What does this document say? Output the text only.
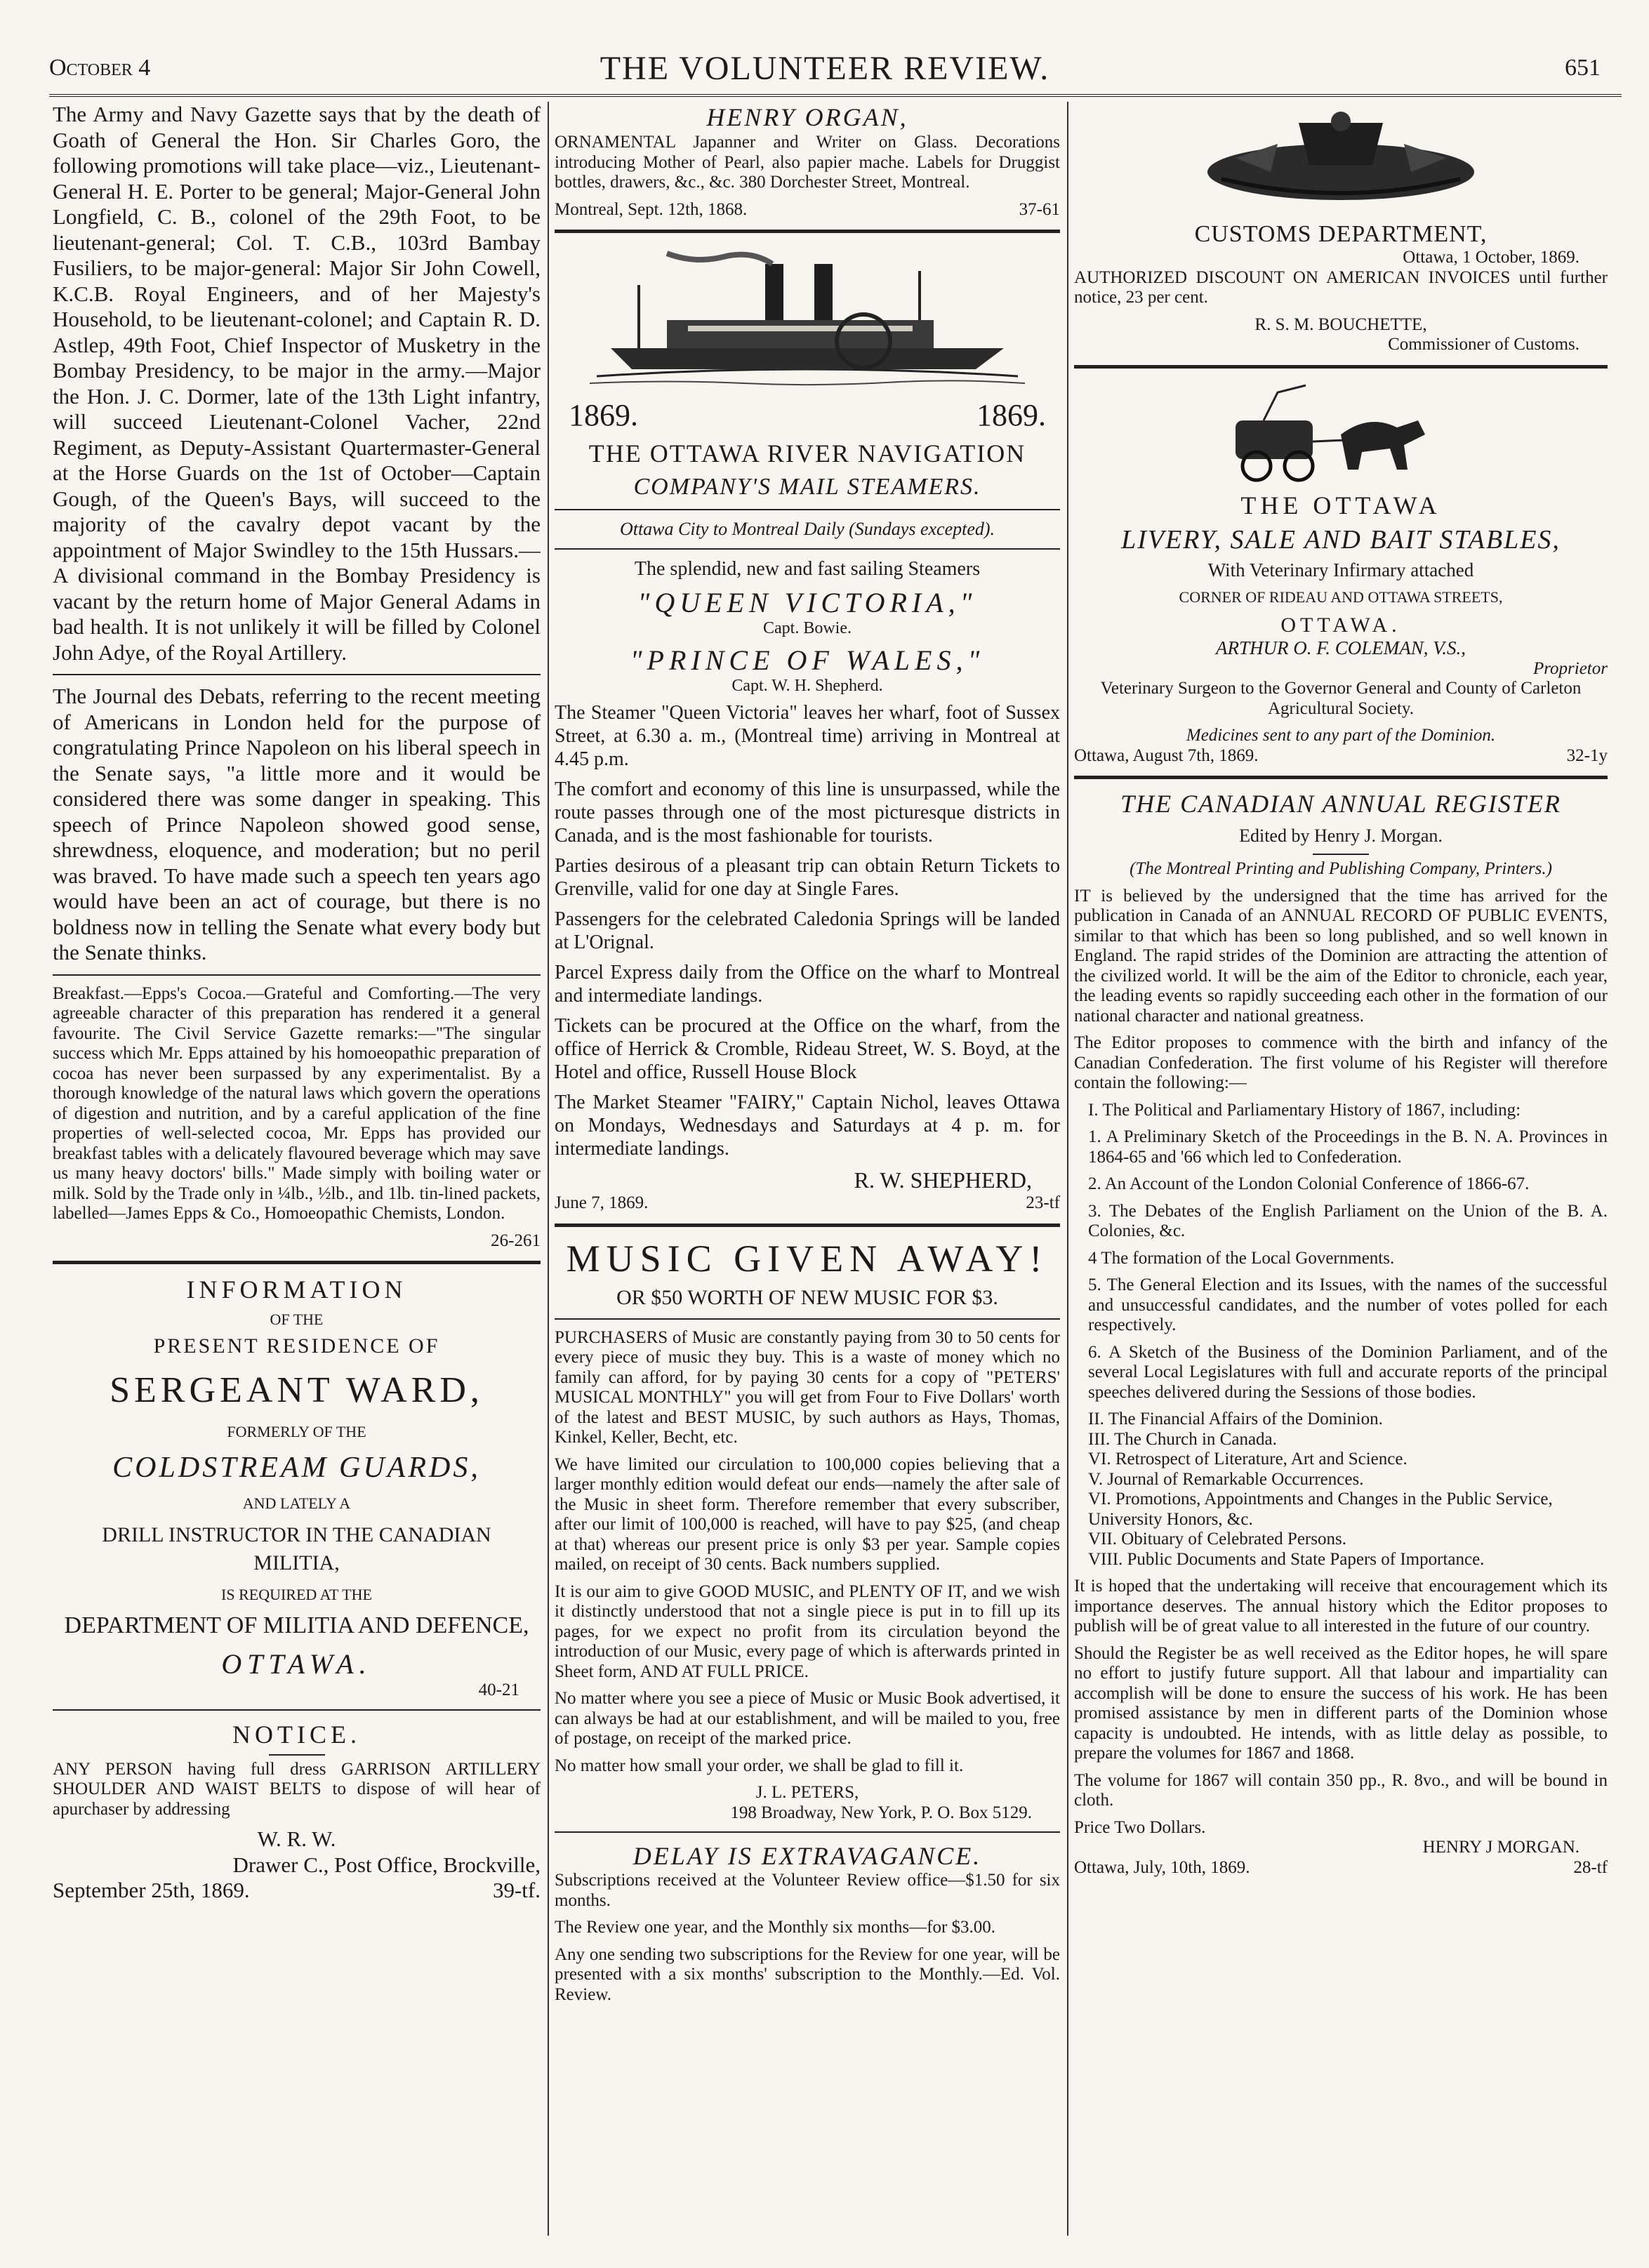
October 4	THE VOLUNTEER REVIEW.	651

The Army and Navy Gazette says that by the death of Goath of General the Hon. Sir Charles Goro, the following promotions will take place—viz., Lieutenant-General H. E. Porter to be general; Major-General John Longfield, C. B., colonel of the 29th Foot, to be lieutenant-general; Col. T. C.B., 103rd Bambay Fusiliers, to be major-general: Major Sir John Cowell, K.C.B. Royal Engineers, and of her Majesty's Household, to be lieutenant-colonel; and Captain R. D. Astlep, 49th Foot, Chief Inspector of Musketry in the Bombay Presidency, to be major in the army.—Major the Hon. J. C. Dormer, late of the 13th Light infantry, will succeed Lieutenant-Colonel Vacher, 22nd Regiment, as Deputy-Assistant Quartermaster-General at the Horse Guards on the 1st of October—Captain Gough, of the Queen's Bays, will succeed to the majority of the cavalry depot vacant by the appointment of Major Swindley to the 15th Hussars.—A divisional command in the Bombay Presidency is vacant by the return home of Major General Adams in bad health. It is not unlikely it will be filled by Colonel John Adye, of the Royal Artillery.

The Journal des Debats, referring to the recent meeting of Americans in London held for the purpose of congratulating Prince Napoleon on his liberal speech in the Senate says, "a little more and it would be considered there was some danger in speaking. This speech of Prince Napoleon showed good sense, shrewdness, eloquence, and moderation; but no peril was braved. To have made such a speech ten years ago would have been an act of courage, but there is no boldness now in telling the Senate what every body but the Senate thinks.

Breakfast.—Epps's Cocoa.—Grateful and Comforting.—The very agreeable character of this preparation has rendered it a general favourite. The Civil Service Gazette remarks:—"The singular success which Mr. Epps attained by his homoeopathic preparation of cocoa has never been surpassed by any experimentalist. By a thorough knowledge of the natural laws which govern the operations of digestion and nutrition, and by a careful application of the fine properties of well-selected cocoa, Mr. Epps has provided our breakfast tables with a delicately flavoured beverage which may save us many heavy doctors' bills." Made simply with boiling water or milk. Sold by the Trade only in ¼lb., ½lb., and 1lb. tin-lined packets, labelled—James Epps & Co., Homoeopathic Chemists, London.

26-261
INFORMATION
OF THE
PRESENT RESIDENCE OF
SERGEANT WARD,
FORMERLY OF THE
COLDSTREAM GUARDS,
AND LATELY A
DRILL INSTRUCTOR IN THE CANADIAN MILITIA,
IS REQUIRED AT THE
DEPARTMENT OF MILITIA AND DEFENCE,
OTTAWA.
40-21
NOTICE.

ANY PERSON having full dress GARRISON ARTILLERY SHOULDER AND WAIST BELTS to dispose of will hear of apurchaser by addressing

W. R. W.
Drawer C., Post Office, Brockville,
September 25th, 1869.	39-tf.
HENRY ORGAN,

ORNAMENTAL Japanner and Writer on Glass. Decorations introducing Mother of Pearl, also papier mache. Labels for Druggist bottles, drawers, &c., &c. 380 Dorchester Street, Montreal.

Montreal, Sept. 12th, 1868.	37-61
1869.	1869.
THE OTTAWA RIVER NAVIGATION
COMPANY'S MAIL STEAMERS.
Ottawa City to Montreal Daily (Sundays excepted).
The splendid, new and fast sailing Steamers
"QUEEN VICTORIA,"
Capt. Bowie.
"PRINCE OF WALES,"
Capt. W. H. Shepherd.

The Steamer "Queen Victoria" leaves her wharf, foot of Sussex Street, at 6.30 a. m., (Montreal time) arriving in Montreal at 4.45 p.m.

The comfort and economy of this line is unsurpassed, while the route passes through one of the most picturesque districts in Canada, and is the most fashionable for tourists.

Parties desirous of a pleasant trip can obtain Return Tickets to Grenville, valid for one day at Single Fares.

Passengers for the celebrated Caledonia Springs will be landed at L'Orignal.

Parcel Express daily from the Office on the wharf to Montreal and intermediate landings.

Tickets can be procured at the Office on the wharf, from the office of Herrick & Cromble, Rideau Street, W. S. Boyd, at the Hotel and office, Russell House Block

The Market Steamer "FAIRY," Captain Nichol, leaves Ottawa on Mondays, Wednesdays and Saturdays at 4 p. m. for intermediate landings.

R. W. SHEPHERD,
June 7, 1869.	23-tf
MUSIC GIVEN AWAY!
OR $50 WORTH OF NEW MUSIC FOR $3.

PURCHASERS of Music are constantly paying from 30 to 50 cents for every piece of music they buy. This is a waste of money which no family can afford, for by paying 30 cents for a copy of "PETERS' MUSICAL MONTHLY" you will get from Four to Five Dollars' worth of the latest and BEST MUSIC, by such authors as Hays, Thomas, Kinkel, Keller, Becht, etc.

We have limited our circulation to 100,000 copies believing that a larger monthly edition would defeat our ends—namely the after sale of the Music in sheet form. Therefore remember that every subscriber, after our limit of 100,000 is reached, will have to pay $25, (and cheap at that) whereas our present price is only $3 per year. Sample copies mailed, on receipt of 30 cents. Back numbers supplied.

It is our aim to give GOOD MUSIC, and PLENTY OF IT, and we wish it distinctly understood that not a single piece is put in to fill up its pages, for we expect no profit from its circulation beyond the introduction of our Music, every page of which is afterwards printed in Sheet form, AND AT FULL PRICE.

No matter where you see a piece of Music or Music Book advertised, it can always be had at our establishment, and will be mailed to you, free of postage, on receipt of the marked price.

No matter how small your order, we shall be glad to fill it.

J. L. PETERS,
198 Broadway, New York, P. O. Box 5129.
DELAY IS EXTRAVAGANCE.

Subscriptions received at the Volunteer Review office—$1.50 for six months.

The Review one year, and the Monthly six months—for $3.00.

Any one sending two subscriptions for the Review for one year, will be presented with a six months' subscription to the Monthly.—Ed. Vol. Review.

CUSTOMS DEPARTMENT,
Ottawa, 1 October, 1869.

AUTHORIZED DISCOUNT ON AMERICAN INVOICES until further notice, 23 per cent.

R. S. M. BOUCHETTE,
Commissioner of Customs.
THE OTTAWA
LIVERY, SALE AND BAIT STABLES,
With Veterinary Infirmary attached
CORNER OF RIDEAU AND OTTAWA STREETS,
OTTAWA.
ARTHUR O. F. COLEMAN, V.S.,
Proprietor

Veterinary Surgeon to the Governor General and County of Carleton Agricultural Society.

Medicines sent to any part of the Dominion.
Ottawa, August 7th, 1869.	32-1y
THE CANADIAN ANNUAL REGISTER
Edited by Henry J. Morgan.
(The Montreal Printing and Publishing Company, Printers.)

IT is believed by the undersigned that the time has arrived for the publication in Canada of an ANNUAL RECORD OF PUBLIC EVENTS, similar to that which has been so long published, and so well known in England. The rapid strides of the Dominion are attracting the attention of the civilized world. It will be the aim of the Editor to chronicle, each year, the leading events so rapidly succeeding each other in the formation of our national character and national greatness.

The Editor proposes to commence with the birth and infancy of the Canadian Confederation. The first volume of his Register will therefore contain the following:—

I. The Political and Parliamentary History of 1867, including:

1. A Preliminary Sketch of the Proceedings in the B. N. A. Provinces in 1864-65 and '66 which led to Confederation.

2. An Account of the London Colonial Conference of 1866-67.

3. The Debates of the English Parliament on the Union of the B. A. Colonies, &c.

4 The formation of the Local Governments.

5. The General Election and its Issues, with the names of the successful and unsuccessful candidates, and the number of votes polled for each respectively.

6. A Sketch of the Business of the Dominion Parliament, and of the several Local Legislatures with full and accurate reports of the principal speeches delivered during the Sessions of those bodies.

II. The Financial Affairs of the Dominion.
III. The Church in Canada.
VI. Retrospect of Literature, Art and Science.
V. Journal of Remarkable Occurrences.
VI. Promotions, Appointments and Changes in the Public Service, University Honors, &c.
VII. Obituary of Celebrated Persons.

VIII. Public Documents and State Papers of Importance.

It is hoped that the undertaking will receive that encouragement which its importance deserves. The annual history which the Editor proposes to publish will be of great value to all interested in the future of our country.

Should the Register be as well received as the Editor hopes, he will spare no effort to justify future support. All that labour and impartiality can accomplish will be done to ensure the success of his work. He has been promised assistance by men in different parts of the Dominion whose capacity is undoubted. He intends, with as little delay as possible, to prepare the volumes for 1867 and 1868.

The volume for 1867 will contain 350 pp., R. 8vo., and will be bound in cloth.

Price Two Dollars.
HENRY J MORGAN.
Ottawa, July, 10th, 1869.	28-tf
